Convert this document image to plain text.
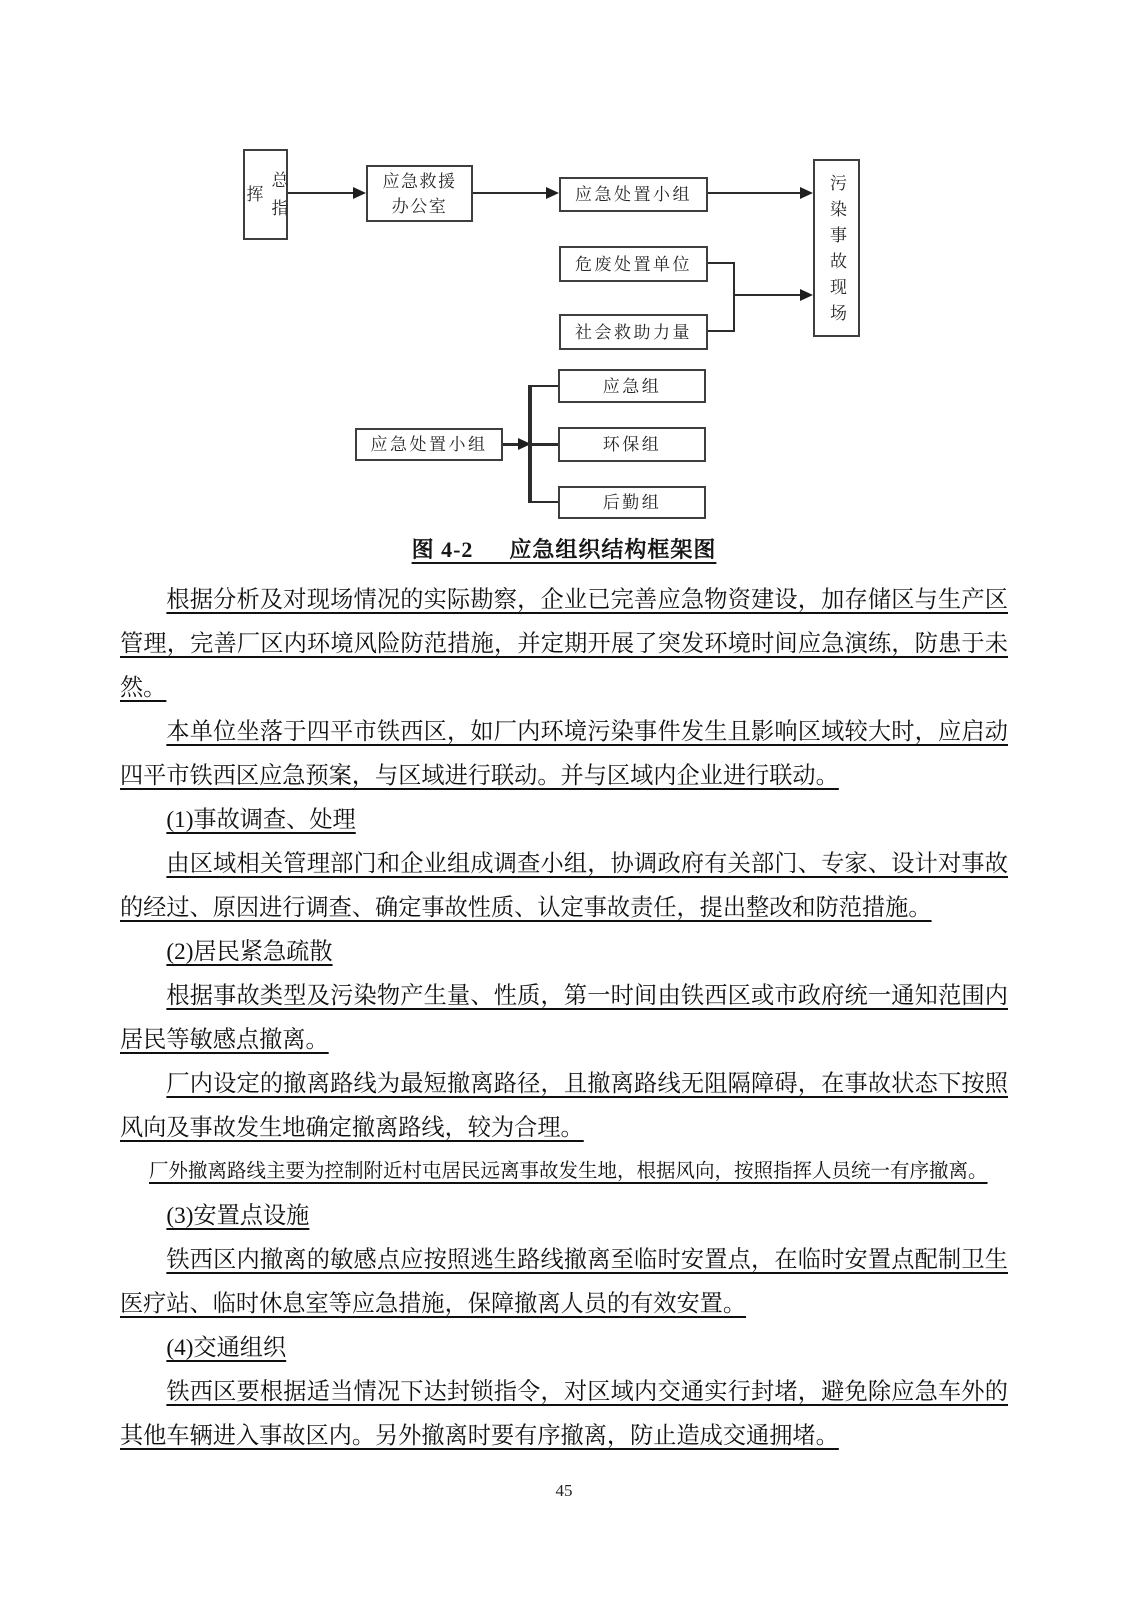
总指挥
应急救援
办公室
应急处置小组
危废处置单位
社会救助力量
污染事故现场
应急处置小组
应急组
环保组
后勤组
图 4-2　  应急组织结构框架图

根据分析及对现场情况的实际勘察，企业已完善应急物资建设，加存储区与生产区管理，完善厂区内环境风险防范措施，并定期开展了突发环境时间应急演练，防患于未然。

本单位坐落于四平市铁西区，如厂内环境污染事件发生且影响区域较大时，应启动四平市铁西区应急预案，与区域进行联动。并与区域内企业进行联动。

(1)事故调查、处理

由区域相关管理部门和企业组成调查小组，协调政府有关部门、专家、设计对事故的经过、原因进行调查、确定事故性质、认定事故责任，提出整改和防范措施。

(2)居民紧急疏散

根据事故类型及污染物产生量、性质，第一时间由铁西区或市政府统一通知范围内居民等敏感点撤离。

厂内设定的撤离路线为最短撤离路径，且撤离路线无阻隔障碍，在事故状态下按照风向及事故发生地确定撤离路线，较为合理。

厂外撤离路线主要为控制附近村屯居民远离事故发生地，根据风向，按照指挥人员统一有序撤离。

(3)安置点设施

铁西区内撤离的敏感点应按照逃生路线撤离至临时安置点，在临时安置点配制卫生医疗站、临时休息室等应急措施，保障撤离人员的有效安置。

(4)交通组织

铁西区要根据适当情况下达封锁指令，对区域内交通实行封堵，避免除应急车外的其他车辆进入事故区内。另外撤离时要有序撤离，防止造成交通拥堵。

45
